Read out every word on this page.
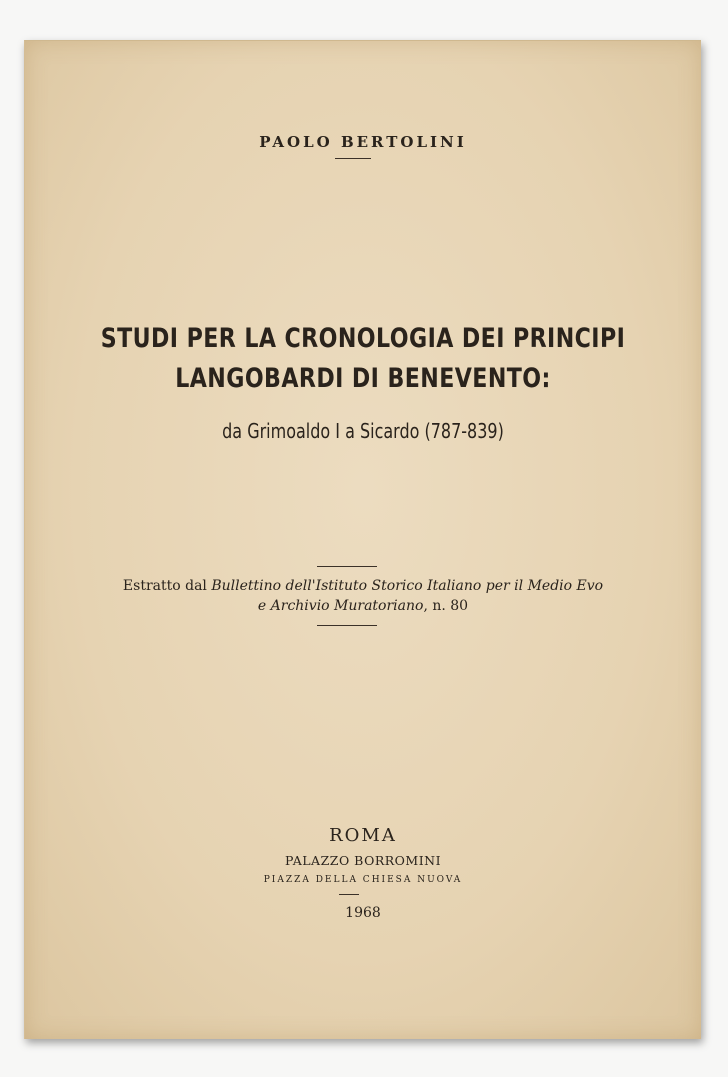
PAOLO BERTOLINI
STUDI PER LA CRONOLOGIA DEI PRINCIPI
LANGOBARDI DI BENEVENTO:
da Grimoaldo I a Sicardo (787-839)
Estratto dal Bullettino dell'Istituto Storico Italiano per il Medio Evo
e Archivio Muratoriano, n. 80
ROMA
PALAZZO BORROMINI
PIAZZA DELLA CHIESA NUOVA
1968
